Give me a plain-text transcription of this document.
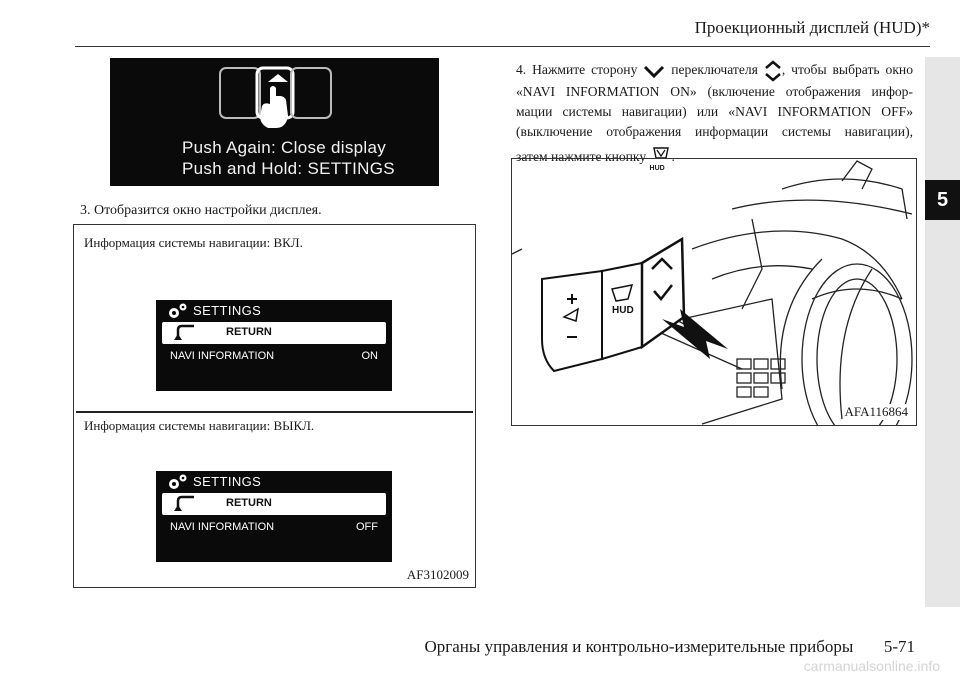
Проекционный дисплей (HUD)*
5
Push Again: Close display
Push and Hold: SETTINGS
3. Отобразится окно настройки дисплея.
Информация системы навигации: ВКЛ.
SETTINGS
RETURN
NAVI INFORMATION	ON
Информация системы навигации: ВЫКЛ.
SETTINGS
RETURN
NAVI INFORMATION	OFF
AF3102009
4. Нажмите сторону переключателя , чтобы выбрать окно
«NAVI INFORMATION ON» (включение отображения инфор-
мации системы навигации) или «NAVI INFORMATION OFF»
(выключение отображения информации системы навигации),
затем нажмите кнопку
HUD
.
HUD
AFA116864
Органы управления и контрольно-измерительные приборы 5-71
carmanualsonline.info
